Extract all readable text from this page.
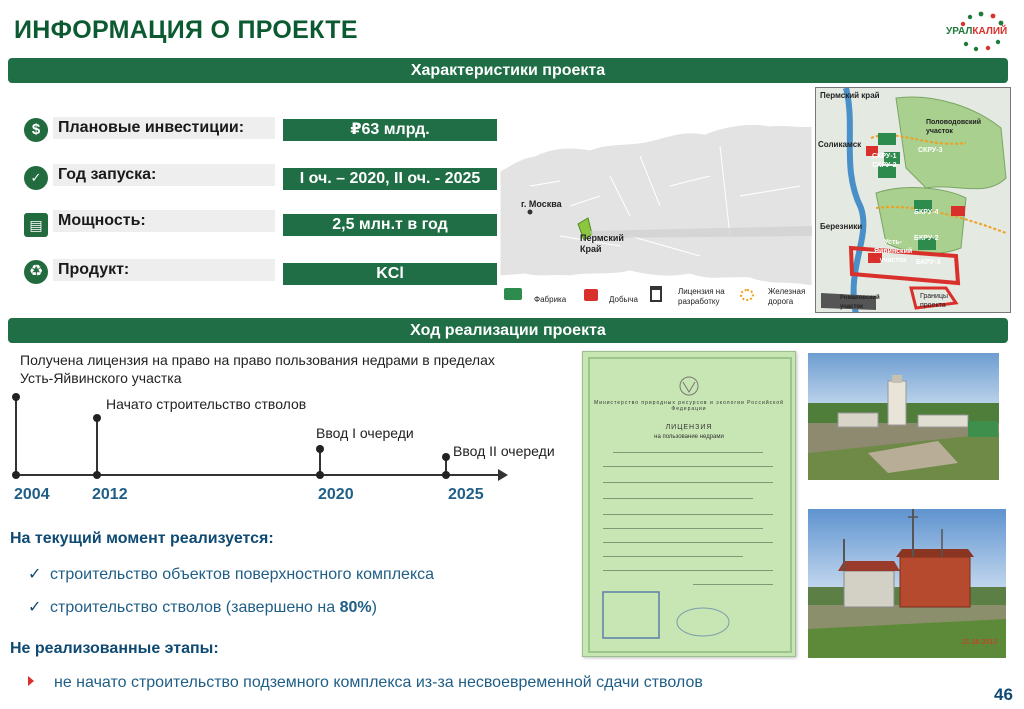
ИНФОРМАЦИЯ О ПРОЕКТЕ	УРАЛКАЛИЙ
Характеристики проекта
$	Плановые инвестиции:	₽63 млрд.
✓	Год запуска:	I оч. – 2020, II оч. - 2025
▤ Мощность:	2,5 млн.т в год
♻ Продукт:	KCl
г. Москва
Пермский
Край
Фабрика	Добыча
Лицензия на
разработку
Железная
дорога
Пермский край
Половодовский
участок
Соликамск
СКРУ-1
СКРУ-2
СКРУ-3
Березники
БКРУ-4
БКРУ-2
БКРУ-3
Усть-
Яйвинский
участок
Романовский
участок
Границы
проекта
Ход реализации проекта
Получена лицензия на право на право пользования недрами в пределах
Усть-Яйвинского участка
Начато строительство стволов
Ввод I очереди
Ввод II очереди
2004	2012	2020	2025
На текущий момент реализуется:
✓ строительство объектов поверхностного комплекса
✓ строительство стволов (завершено на 80%)
Не реализованные этапы:
не начато строительство подземного комплекса из-за несвоевременной сдачи стволов
Министерство природных ресурсов и экологии Российской Федерации
ЛИЦЕНЗИЯ
на пользование недрами
21.08.2013
46
